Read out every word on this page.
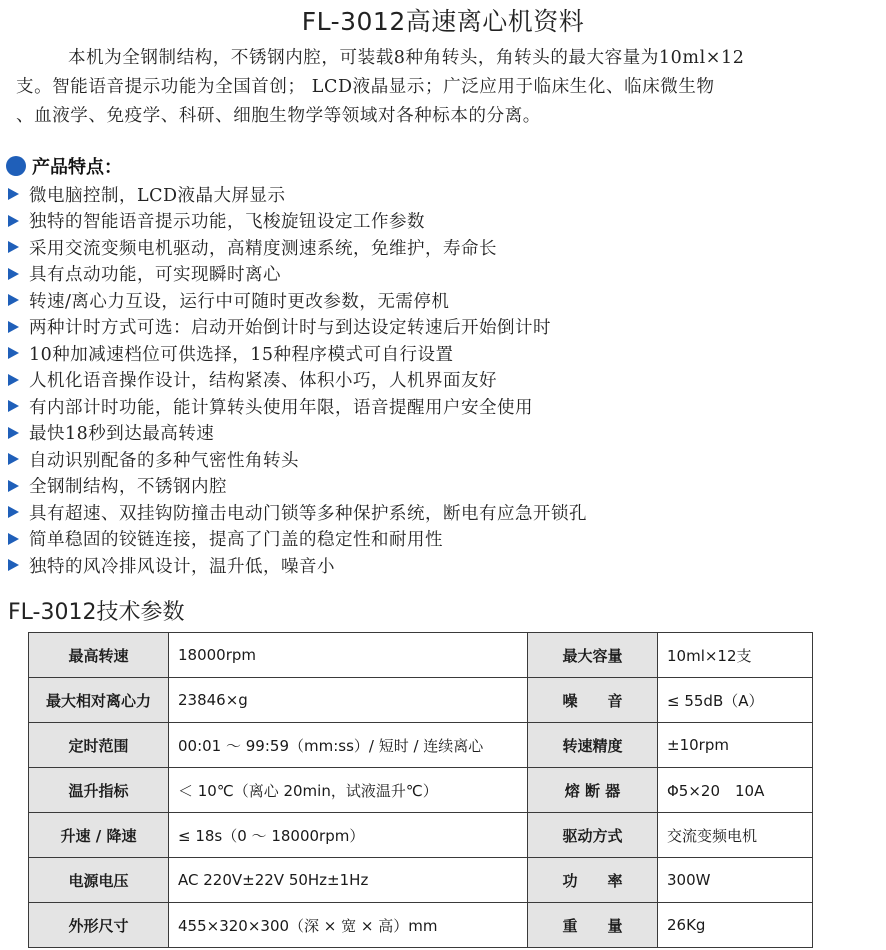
FL-3012高速离心机资料
本机为全钢制结构，不锈钢内腔，可装载8种角转头，角转头的最大容量为10ml×12
支。智能语音提示功能为全国首创； LCD液晶显示；广泛应用于临床生化、临床微生物
、血液学、免疫学、科研、细胞生物学等领域对各种标本的分离。
产品特点：
微电脑控制，LCD液晶大屏显示
独特的智能语音提示功能，飞梭旋钮设定工作参数
采用交流变频电机驱动，高精度测速系统，免维护，寿命长
具有点动功能，可实现瞬时离心
转速/离心力互设，运行中可随时更改参数，无需停机
两种计时方式可选：启动开始倒计时与到达设定转速后开始倒计时
10种加减速档位可供选择，15种程序模式可自行设置
人机化语音操作设计，结构紧凑、体积小巧，人机界面友好
有内部计时功能，能计算转头使用年限，语音提醒用户安全使用
最快18秒到达最高转速
自动识别配备的多种气密性角转头
全钢制结构，不锈钢内腔
具有超速、双挂钩防撞击电动门锁等多种保护系统，断电有应急开锁孔
简单稳固的铰链连接，提高了门盖的稳定性和耐用性
独特的风冷排风设计，温升低，噪音小
FL-3012技术参数
最高转速	18000rpm	最大容量	10ml×12支
最大相对离心力	23846×g	噪　　音	≤ 55dB（A）
定时范围	00:01 ～ 99:59（mm:ss）/ 短时 / 连续离心	转速精度	±10rpm
温升指标	＜ 10℃（离心 20min，试液温升℃）	熔 断 器	Φ5×20　10A
升速 / 降速	≤ 18s（0 ～ 18000rpm）	驱动方式	交流变频电机
电源电压	AC 220V±22V 50Hz±1Hz	功　　率	300W
外形尺寸	455×320×300（深 × 宽 × 高）mm	重　　量	26Kg
